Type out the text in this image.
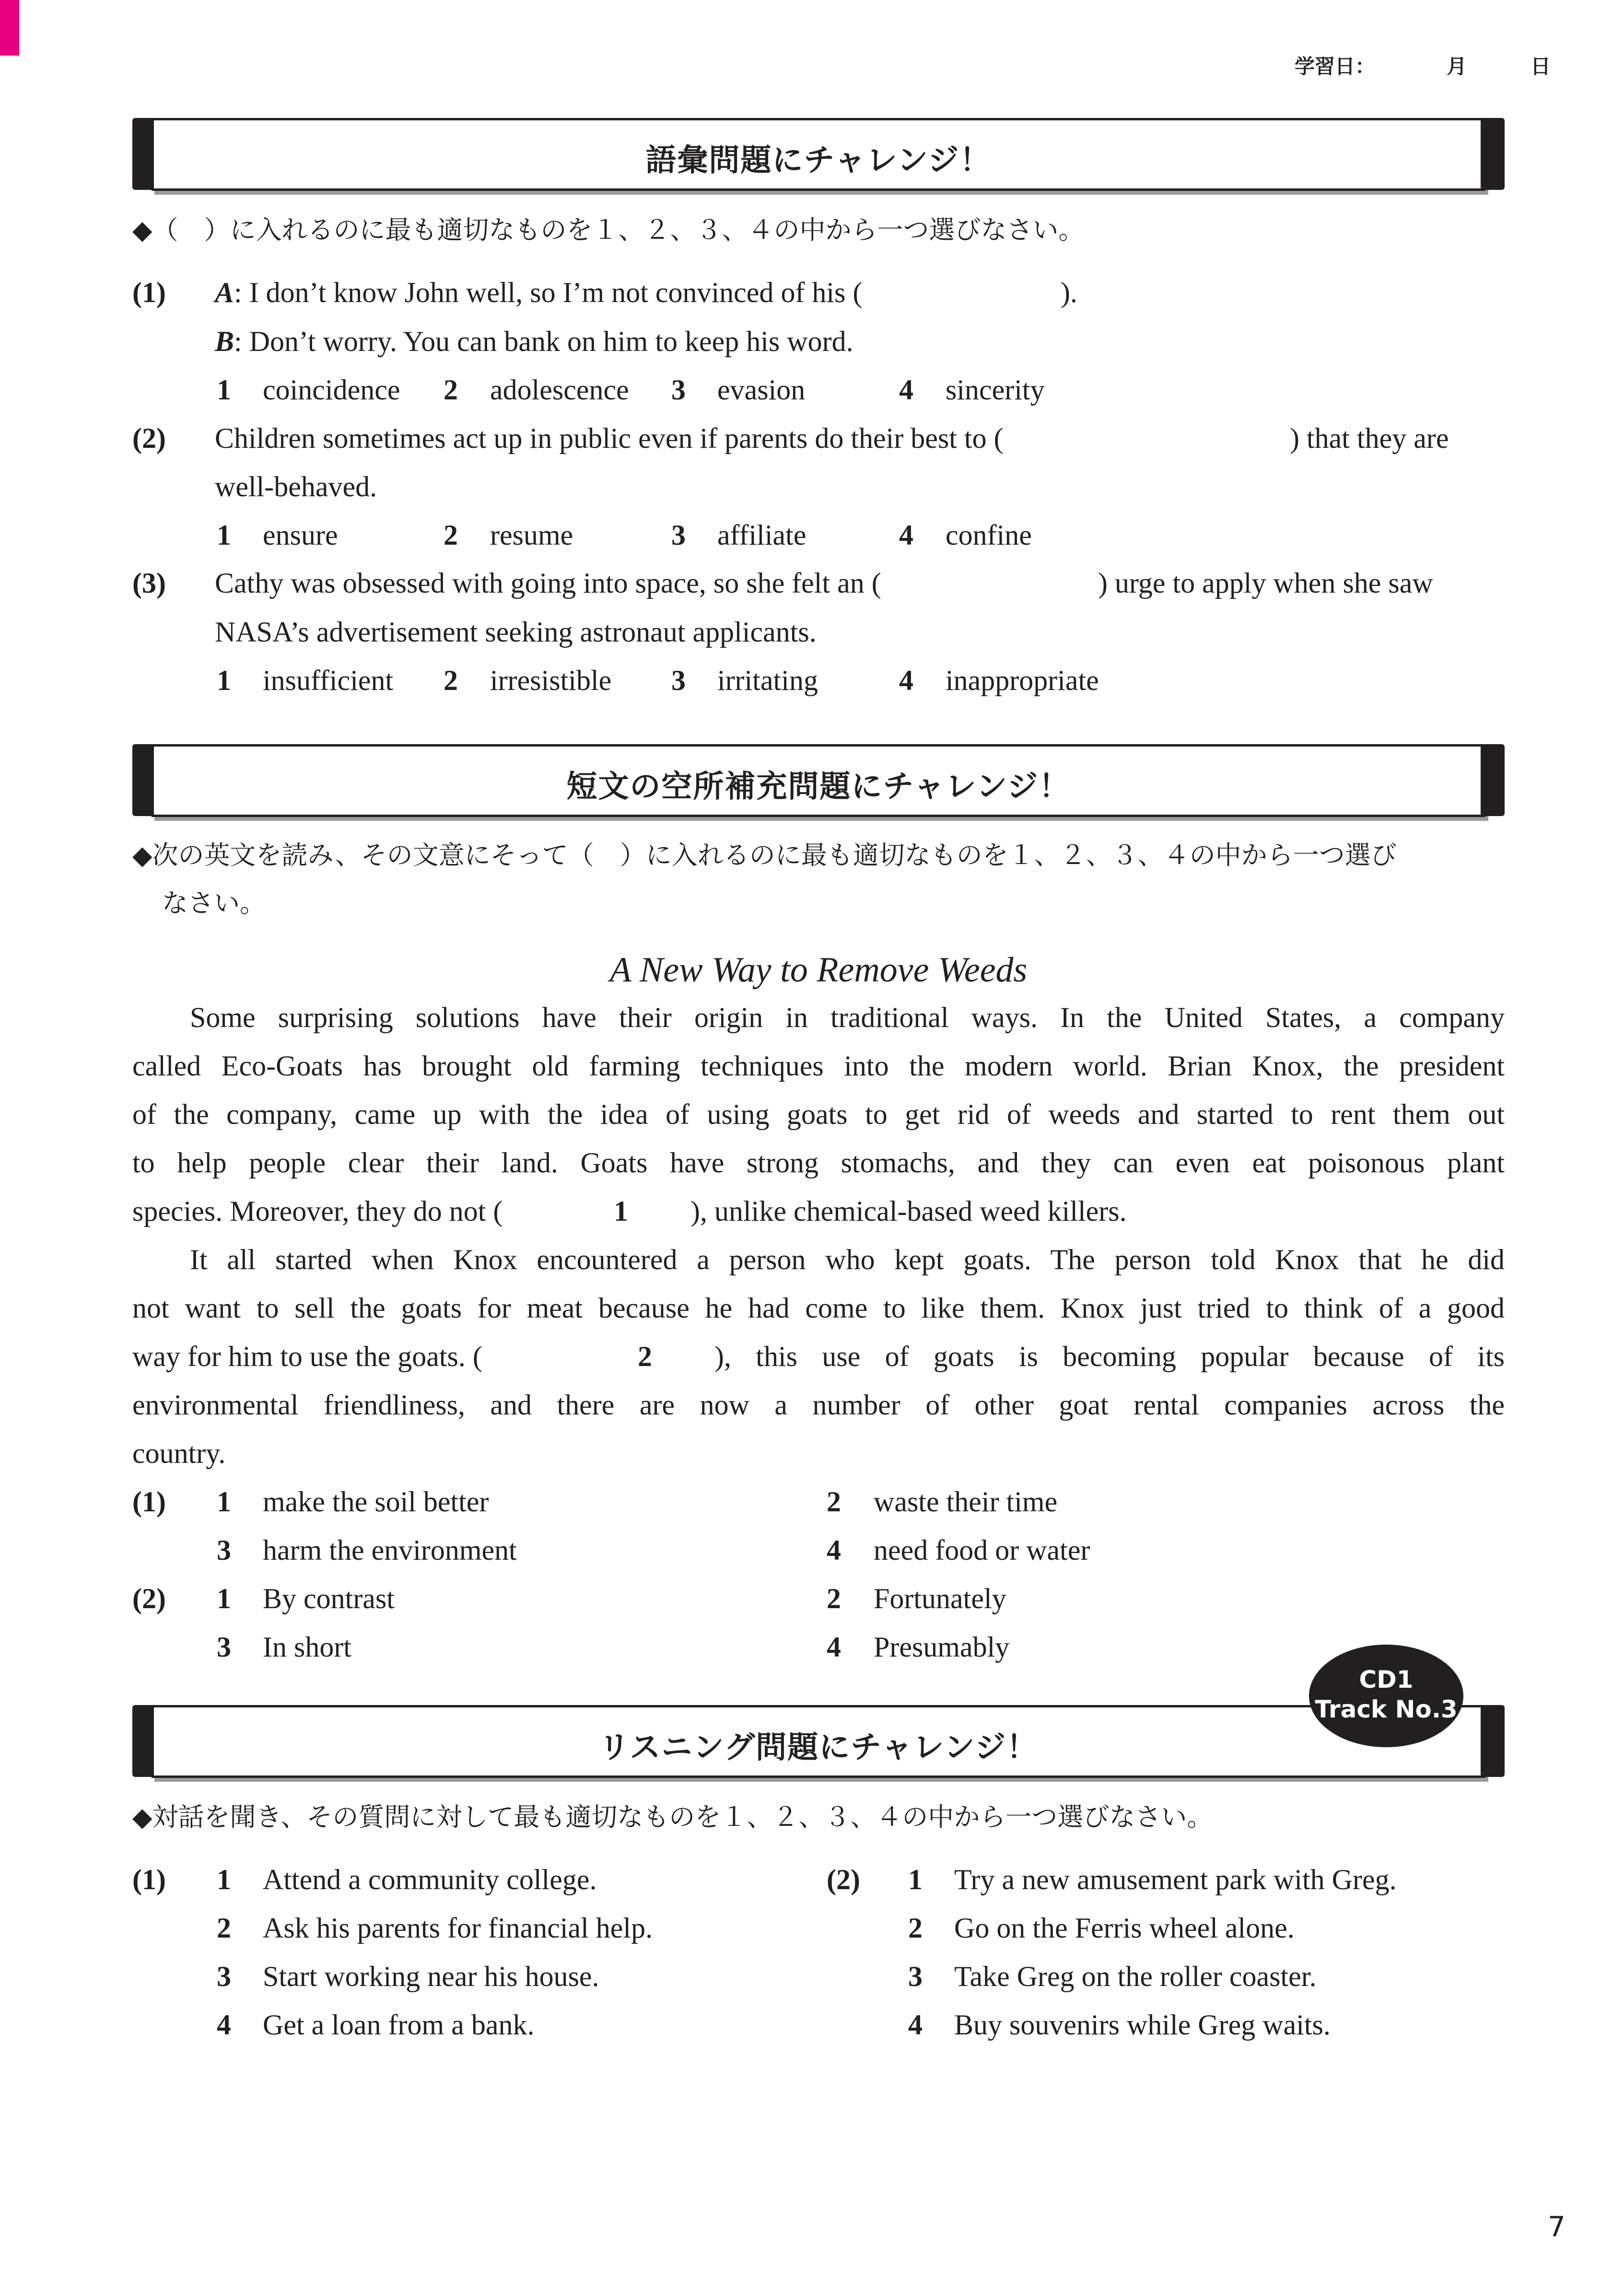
学習日：	月	日
語彙問題にチャレンジ！
◆（　）に入れるのに最も適切なものを１、２、３、４の中から一つ選びなさい。
(1) A: I don’t know John well, so I’m not convinced of his (	).
B: Don’t worry. You can bank on him to keep his word.
1 coincidence 2 adolescence 3 evasion	4 sincerity
(2) Children sometimes act up in public even if parents do their best to (	) that they are
well-behaved.
1 ensure	2 resume	3 affiliate	4 confine
(3) Cathy was obsessed with going into space, so she felt an (	) urge to apply when she saw
NASA’s advertisement seeking astronaut applicants.
1 insufficient 2 irresistible 3 irritating	4 inappropriate
短文の空所補充問題にチャレンジ！
◆次の英文を読み、その文意にそって（　）に入れるのに最も適切なものを１、２、３、４の中から一つ選び
なさい。
A New Way to Remove Weeds
Some surprising solutions have their origin in traditional ways. In the United States, a company
called Eco-Goats has brought old farming techniques into the modern world. Brian Knox, the president
of the company, came up with the idea of using goats to get rid of weeds and started to rent them out
to help people clear their land. Goats have strong stomachs, and they can even eat poisonous plant
species. Moreover, they do not (	1 ), unlike chemical-based weed killers.
It all started when Knox encountered a person who kept goats. The person told Knox that he did
not want to sell the goats for meat because he had come to like them. Knox just tried to think of a good
way for him to use the goats. (	2 ), this use of goats is becoming popular because of its
environmental friendliness, and there are now a number of other goat rental companies across the
country.
(1) 1 make the soil better	2 waste their time
3 harm the environment	4 need food or water
(2) 1 By contrast	2 Fortunately
3 In short	4 Presumably
CD1
Track No.3
リスニング問題にチャレンジ！
◆対話を聞き、その質問に対して最も適切なものを１、２、３、４の中から一つ選びなさい。
(1) 1 Attend a community college.
2 Ask his parents for financial help.
3 Start working near his house.
4 Get a loan from a bank.
(2) 1 Try a new amusement park with Greg.
2 Go on the Ferris wheel alone.
3 Take Greg on the roller coaster.
4 Buy souvenirs while Greg waits.
7
